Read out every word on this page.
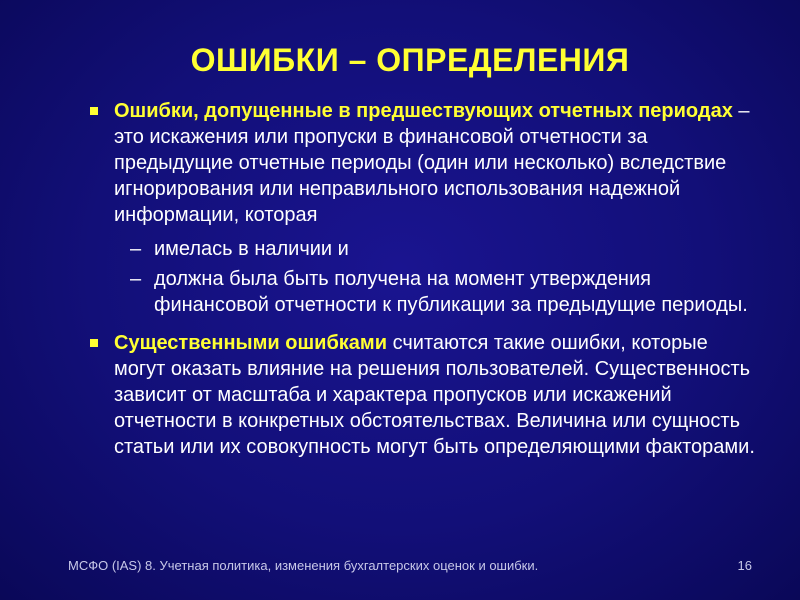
ОШИБКИ – ОПРЕДЕЛЕНИЯ
Ошибки, допущенные в предшествующих отчетных периодах – это искажения или пропуски в финансовой отчетности за предыдущие отчетные периоды (один или несколько) вследствие игнорирования или неправильного использования надежной информации, которая
– имелась в наличии и
– должна была быть получена на момент утверждения финансовой отчетности к публикации за предыдущие периоды.
Существенными ошибками считаются такие ошибки, которые могут оказать влияние на решения пользователей. Существенность зависит от масштаба и характера пропусков или искажений отчетности в конкретных обстоятельствах. Величина или сущность статьи или их совокупность могут быть определяющими факторами.
МСФО (IAS) 8. Учетная политика, изменения бухгалтерских оценок и ошибки.	16
